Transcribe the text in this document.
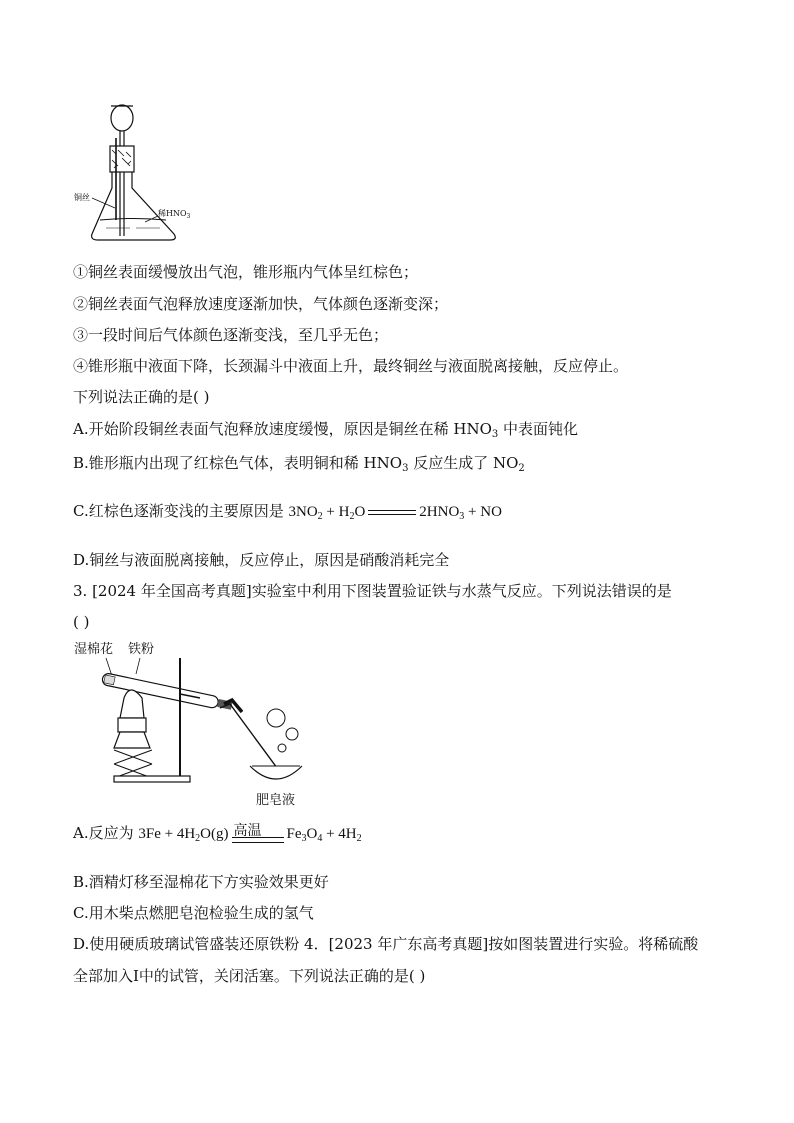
铜丝
稀$HNO_3$
①铜丝表面缓慢放出气泡，锥形瓶内气体呈红棕色；
②铜丝表面气泡释放速度逐渐加快，气体颜色逐渐变深；
③一段时间后气体颜色逐渐变浅，至几乎无色；
④锥形瓶中液面下降，长颈漏斗中液面上升，最终铜丝与液面脱离接触，反应停止。
下列说法正确的是( )
A.开始阶段铜丝表面气泡释放速度缓慢，原因是铜丝在稀 $HNO_3$ 中表面钝化
B.锥形瓶内出现了红棕色气体，表明铜和稀 $HNO_3$ 反应生成了 $NO_2$
C.红棕色逐渐变浅的主要原因是 $3NO_2 + H_2O$	$2HNO_3$ + NO
D.铜丝与液面脱离接触，反应停止，原因是硝酸消耗完全
3. [2024 年全国高考真题]实验室中利用下图装置验证铁与水蒸气反应。下列说法错误的是
( )
湿棉花 铁粉
肥皂液
A.反应为 $3Fe + 4H_2O(g)$ 高温 $Fe_3O_4 + 4H_2$
B.酒精灯移至湿棉花下方实验效果更好
C.用木柴点燃肥皂泡检验生成的氢气
D.使用硬质玻璃试管盛装还原铁粉 4．[2023 年广东高考真题]按如图装置进行实验。将稀硫酸
全部加入Ⅰ中的试管，关闭活塞。下列说法正确的是( )
